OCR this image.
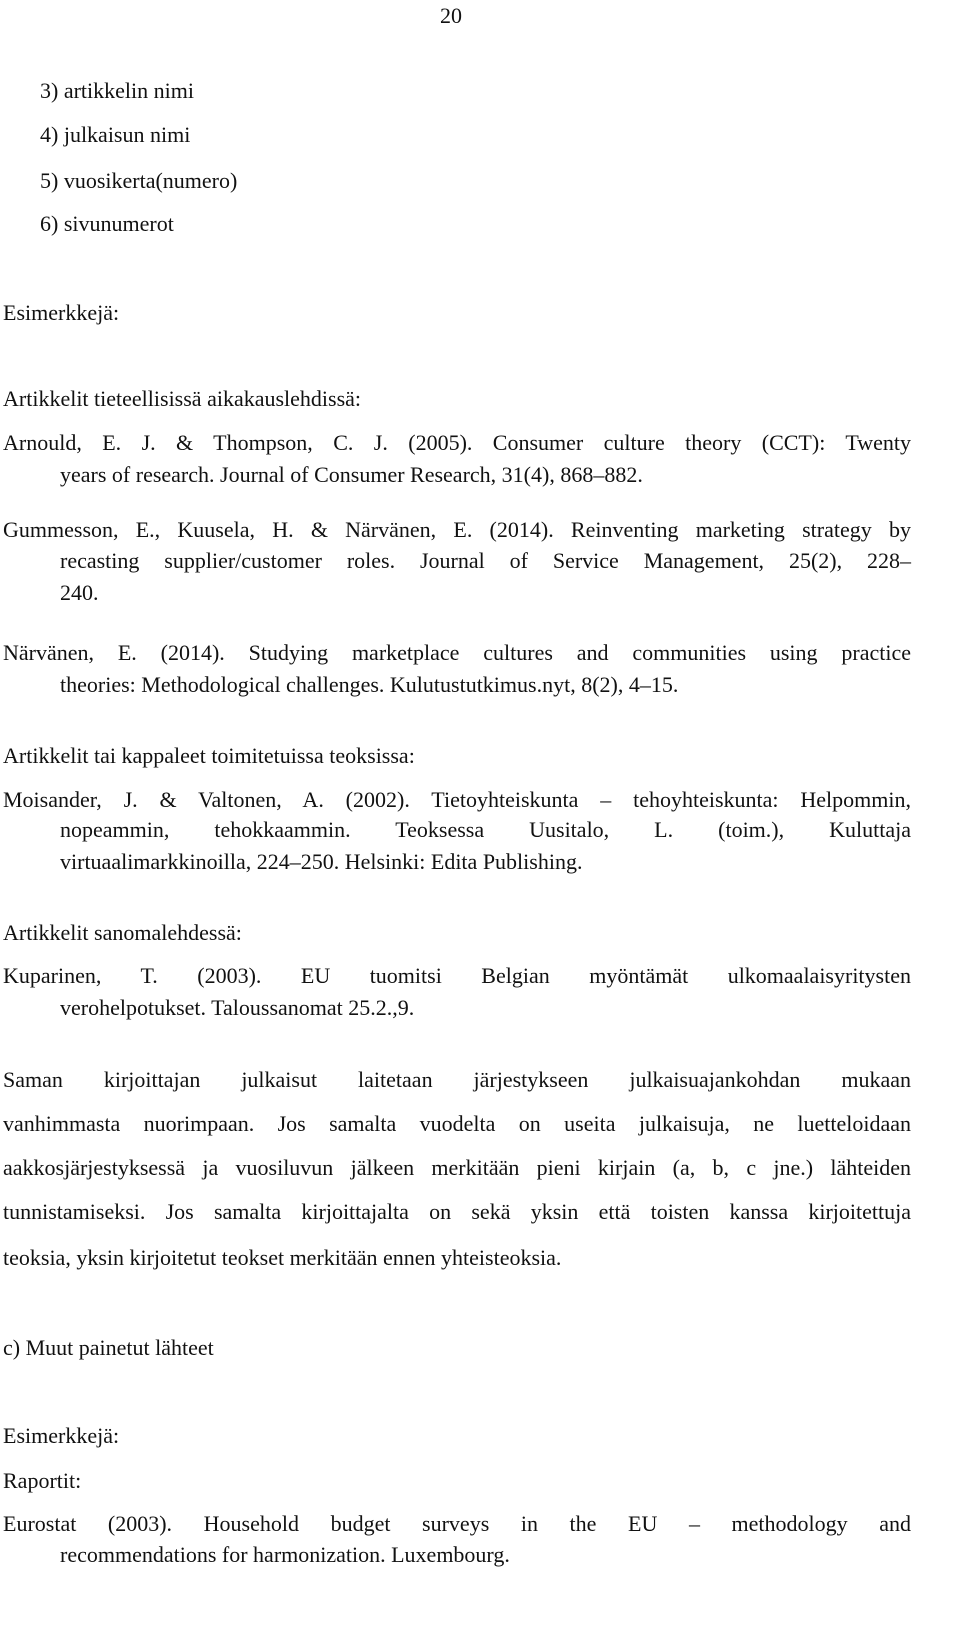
20
3) artikkelin nimi
4) julkaisun nimi
5) vuosikerta(numero)
6) sivunumerot
Esimerkkejä:
Artikkelit tieteellisissä aikakauslehdissä:
Arnould, E. J. & Thompson, C. J. (2005). Consumer culture theory (CCT): Twenty
years of research. Journal of Consumer Research, 31(4), 868–882.
Gummesson, E., Kuusela, H. & Närvänen, E. (2014). Reinventing marketing strategy by
recasting supplier/customer roles. Journal of Service Management, 25(2), 228–
240.
Närvänen, E. (2014). Studying marketplace cultures and communities using practice
theories: Methodological challenges. Kulutustutkimus.nyt, 8(2), 4–15.
Artikkelit tai kappaleet toimitetuissa teoksissa:
Moisander, J. & Valtonen, A. (2002). Tietoyhteiskunta – tehoyhteiskunta: Helpommin,
nopeammin, tehokkaammin. Teoksessa Uusitalo, L. (toim.), Kuluttaja
virtuaalimarkkinoilla, 224–250. Helsinki: Edita Publishing.
Artikkelit sanomalehdessä:
Kuparinen, T. (2003). EU tuomitsi Belgian myöntämät ulkomaalaisyritysten
verohelpotukset. Taloussanomat 25.2.,9.
Saman kirjoittajan julkaisut laitetaan järjestykseen julkaisuajankohdan mukaan
vanhimmasta nuorimpaan. Jos samalta vuodelta on useita julkaisuja, ne luetteloidaan
aakkosjärjestyksessä ja vuosiluvun jälkeen merkitään pieni kirjain (a, b, c jne.) lähteiden
tunnistamiseksi. Jos samalta kirjoittajalta on sekä yksin että toisten kanssa kirjoitettuja
teoksia, yksin kirjoitetut teokset merkitään ennen yhteisteoksia.
c) Muut painetut lähteet
Esimerkkejä:
Raportit:
Eurostat (2003). Household budget surveys in the EU – methodology and
recommendations for harmonization. Luxembourg.
